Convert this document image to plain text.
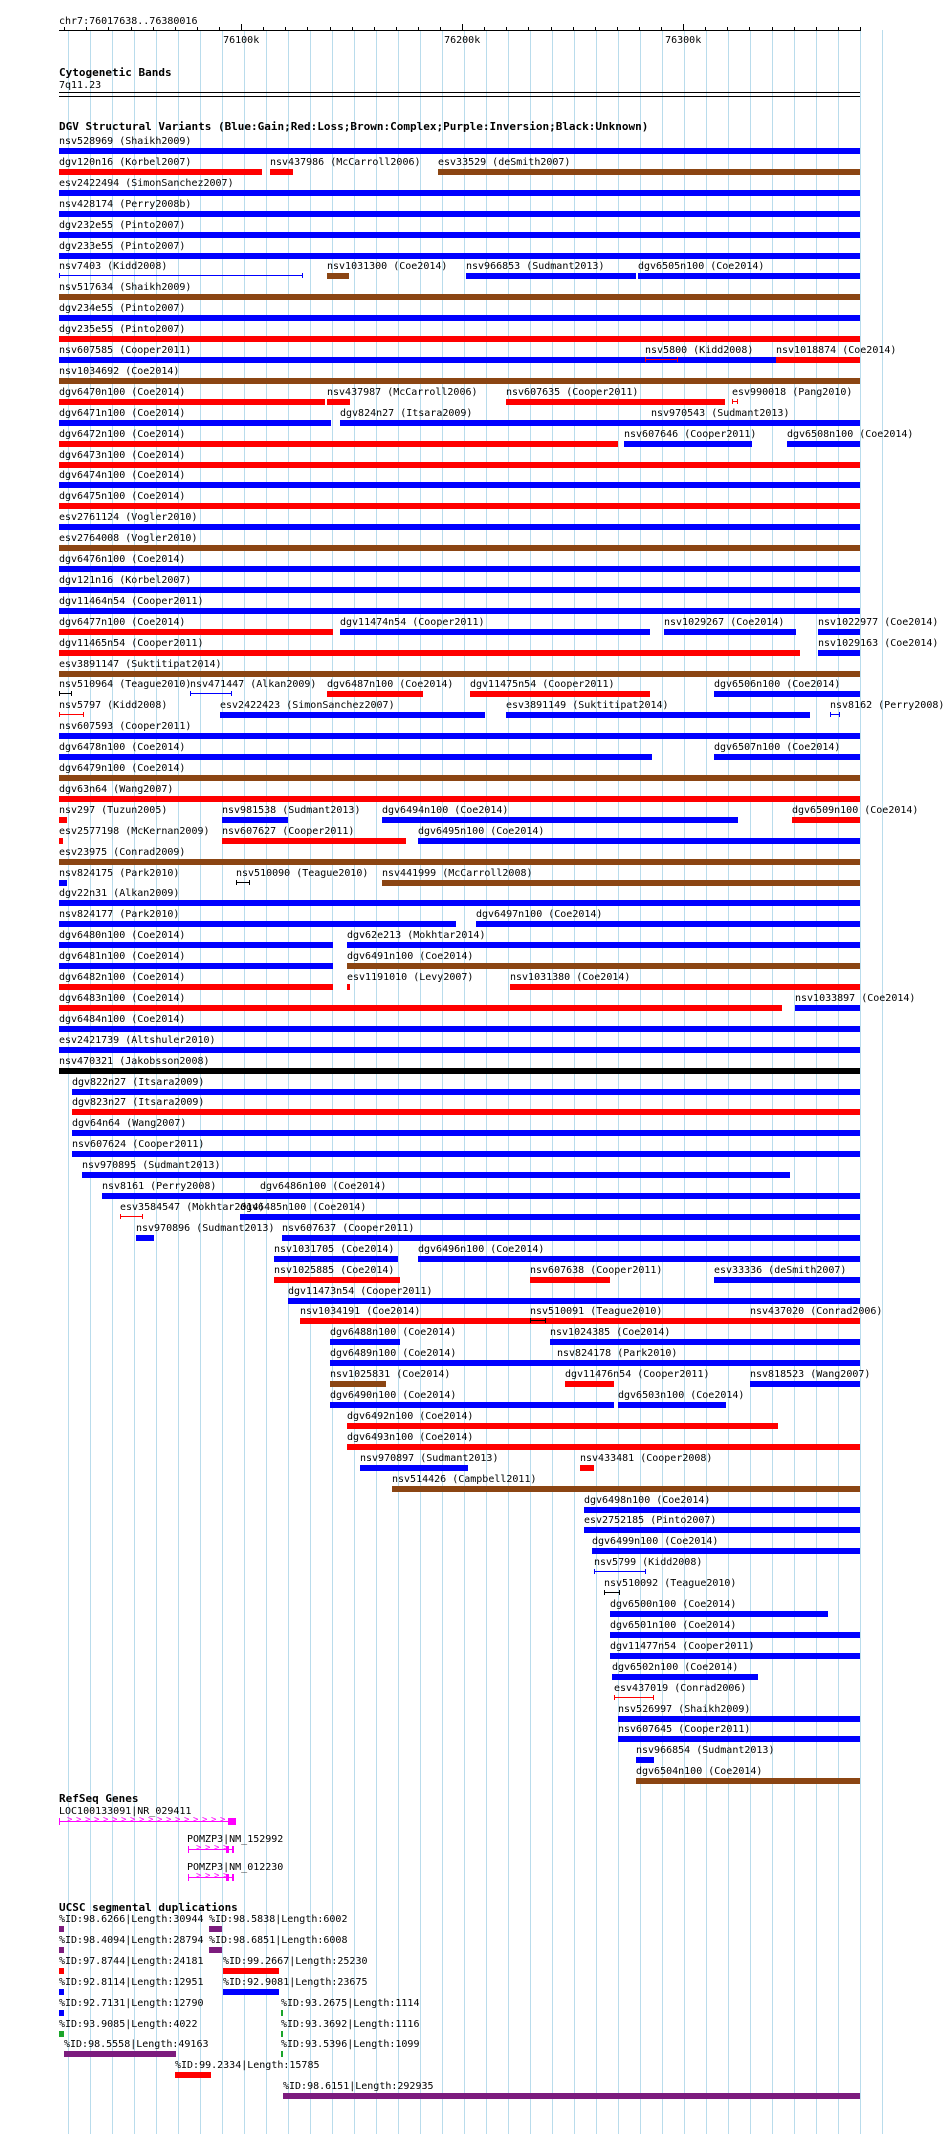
chr7:76017638..76380016
76100k	76200k	76300k
Cytogenetic Bands
7q11.23
DGV Structural Variants (Blue:Gain;Red:Loss;Brown:Complex;Purple:Inversion;Black:Unknown)
nsv528969 (Shaikh2009)
dgv120n16 (Korbel2007)	nsv437986 (McCarroll2006) esv33529 (deSmith2007)
esv2422494 (SimonSanchez2007)
nsv428174 (Perry2008b)
dgv232e55 (Pinto2007)
dgv233e55 (Pinto2007)
nsv7403 (Kidd2008)	nsv1031300 (Coe2014) nsv966853 (Sudmant2013)	dgv6505n100 (Coe2014)
nsv517634 (Shaikh2009)
dgv234e55 (Pinto2007)
dgv235e55 (Pinto2007)
nsv607585 (Cooper2011)	nsv5800 (Kidd2008) nsv1018874 (Coe2014)
nsv1034692 (Coe2014)
dgv6470n100 (Coe2014)	nsv437987 (McCarroll2006)	nsv607635 (Cooper2011)	esv990018 (Pang2010)
dgv6471n100 (Coe2014)	dgv824n27 (Itsara2009)	nsv970543 (Sudmant2013)
dgv6472n100 (Coe2014)	nsv607646 (Cooper2011)	dgv6508n100 (Coe2014)
dgv6473n100 (Coe2014)
dgv6474n100 (Coe2014)
dgv6475n100 (Coe2014)
esv2761124 (Vogler2010)
esv2764008 (Vogler2010)
dgv6476n100 (Coe2014)
dgv121n16 (Korbel2007)
dgv11464n54 (Cooper2011)
dgv6477n100 (Coe2014)	dgv11474n54 (Cooper2011)	nsv1029267 (Coe2014)	nsv1022977 (Coe2014)
dgv11465n54 (Cooper2011)	nsv1029163 (Coe2014)
esv3891147 (Suktitipat2014)
nsv510964 (Teague2010)
nsv471447 (Alkan2009) dgv6487n100 (Coe2014) dgv11475n54 (Cooper2011)	dgv6506n100 (Coe2014)
nsv5797 (Kidd2008)	esv2422423 (SimonSanchez2007)	esv3891149 (Suktitipat2014)	nsv8162 (Perry2008)
nsv607593 (Cooper2011)
dgv6478n100 (Coe2014)	dgv6507n100 (Coe2014)
dgv6479n100 (Coe2014)
dgv63n64 (Wang2007)
nsv297 (Tuzun2005)	nsv981538 (Sudmant2013) dgv6494n100 (Coe2014)	dgv6509n100 (Coe2014)
esv2577198 (McKernan2009) nsv607627 (Cooper2011)	dgv6495n100 (Coe2014)
esv23975 (Conrad2009)
nsv824175 (Park2010)	nsv510090 (Teague2010) nsv441999 (McCarroll2008)
dgv22n31 (Alkan2009)
nsv824177 (Park2010)	dgv6497n100 (Coe2014)
dgv6480n100 (Coe2014)	dgv62e213 (Mokhtar2014)
dgv6481n100 (Coe2014)	dgv6491n100 (Coe2014)
dgv6482n100 (Coe2014)	esv1191010 (Levy2007)	nsv1031380 (Coe2014)
dgv6483n100 (Coe2014)	nsv1033897 (Coe2014)
dgv6484n100 (Coe2014)
esv2421739 (Altshuler2010)
nsv470321 (Jakobsson2008)
dgv822n27 (Itsara2009)
dgv823n27 (Itsara2009)
dgv64n64 (Wang2007)
nsv607624 (Cooper2011)
nsv970895 (Sudmant2013)
nsv8161 (Perry2008)	dgv6486n100 (Coe2014)
esv3584547 (Mokhtar2014)
dgv6485n100 (Coe2014)
nsv970896 (Sudmant2013) nsv607637 (Cooper2011)
nsv1031705 (Coe2014) dgv6496n100 (Coe2014)
nsv1025885 (Coe2014)	nsv607638 (Cooper2011)	esv33336 (deSmith2007)
dgv11473n54 (Cooper2011)
nsv1034191 (Coe2014)	nsv510091 (Teague2010)	nsv437020 (Conrad2006)
dgv6488n100 (Coe2014)	nsv1024385 (Coe2014)
dgv6489n100 (Coe2014)	nsv824178 (Park2010)
nsv1025831 (Coe2014)	dgv11476n54 (Cooper2011)	nsv818523 (Wang2007)
dgv6490n100 (Coe2014)	dgv6503n100 (Coe2014)
dgv6492n100 (Coe2014)
dgv6493n100 (Coe2014)
nsv970897 (Sudmant2013)	nsv433481 (Cooper2008)
nsv514426 (Campbell2011)
dgv6498n100 (Coe2014)
esv2752185 (Pinto2007)
dgv6499n100 (Coe2014)
nsv5799 (Kidd2008)
nsv510092 (Teague2010)
dgv6500n100 (Coe2014)
dgv6501n100 (Coe2014)
dgv11477n54 (Cooper2011)
dgv6502n100 (Coe2014)
esv437019 (Conrad2006)
nsv526997 (Shaikh2009)
nsv607645 (Cooper2011)
nsv966854 (Sudmant2013)
dgv6504n100 (Coe2014)
RefSeq Genes
LOC100133091|NR_029411
> > > > > > > > > > > > > > > > > >
POMZP3|NM_152992
> > > >
POMZP3|NM_012230
> > > >
UCSC segmental duplications
%ID:98.6266|Length:30944 %ID:98.5838|Length:6002
%ID:98.4094|Length:28794 %ID:98.6851|Length:6008
%ID:97.8744|Length:24181 %ID:99.2667|Length:25230
%ID:92.8114|Length:12951 %ID:92.9081|Length:23675
%ID:92.7131|Length:12790	%ID:93.2675|Length:1114
%ID:93.9085|Length:4022	%ID:93.3692|Length:1116
%ID:98.5558|Length:49163	%ID:93.5396|Length:1099
%ID:99.2334|Length:15785
%ID:98.6151|Length:292935
